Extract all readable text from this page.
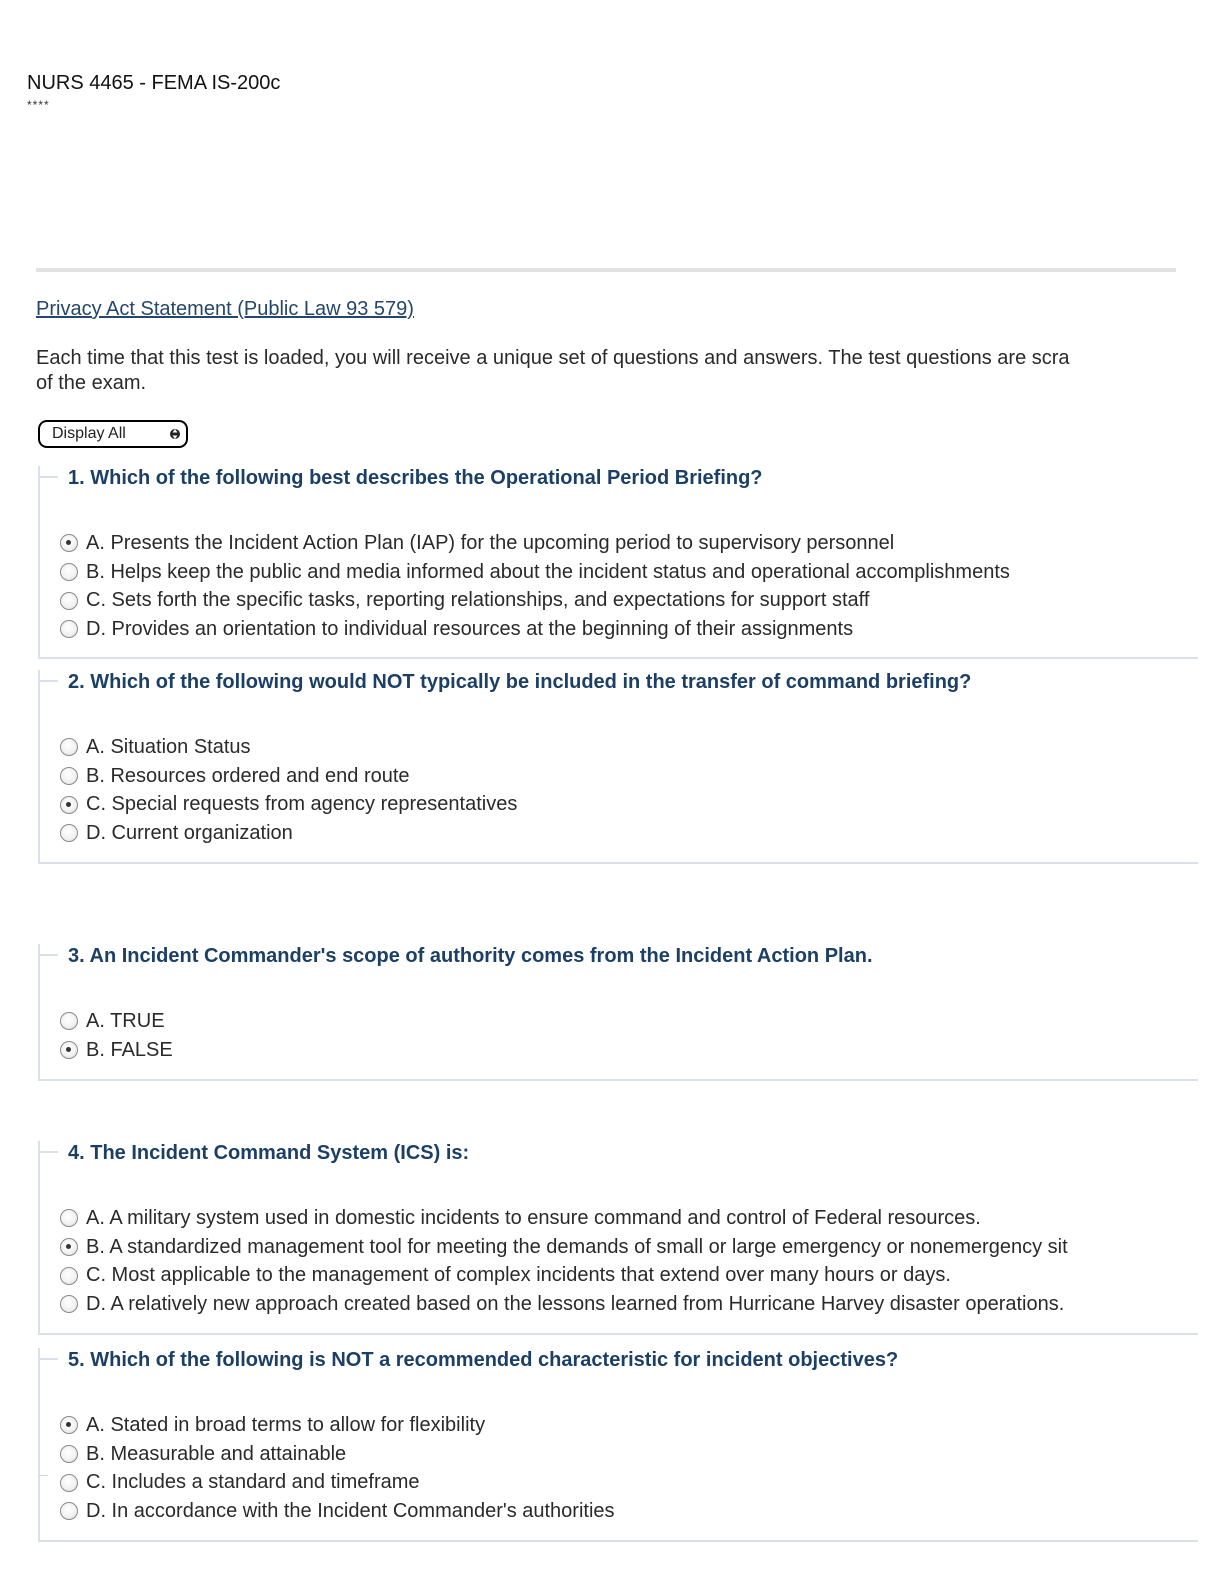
NURS 4465 - FEMA IS-200c
****
Privacy Act Statement (Public Law 93 579)
Each time that this test is loaded, you will receive a unique set of questions and answers. The test questions are scra
of the exam.
Display All
1. Which of the following best describes the Operational Period Briefing?
A. Presents the Incident Action Plan (IAP) for the upcoming period to supervisory personnel
B. Helps keep the public and media informed about the incident status and operational accomplishments
C. Sets forth the specific tasks, reporting relationships, and expectations for support staff
D. Provides an orientation to individual resources at the beginning of their assignments
2. Which of the following would NOT typically be included in the transfer of command briefing?
A. Situation Status
B. Resources ordered and end route
C. Special requests from agency representatives
D. Current organization
3. An Incident Commander's scope of authority comes from the Incident Action Plan.
A. TRUE
B. FALSE
4. The Incident Command System (ICS) is:
A. A military system used in domestic incidents to ensure command and control of Federal resources.
B. A standardized management tool for meeting the demands of small or large emergency or nonemergency sit
C. Most applicable to the management of complex incidents that extend over many hours or days.
D. A relatively new approach created based on the lessons learned from Hurricane Harvey disaster operations.
5. Which of the following is NOT a recommended characteristic for incident objectives?
A. Stated in broad terms to allow for flexibility
B. Measurable and attainable
C. Includes a standard and timeframe
D. In accordance with the Incident Commander's authorities
